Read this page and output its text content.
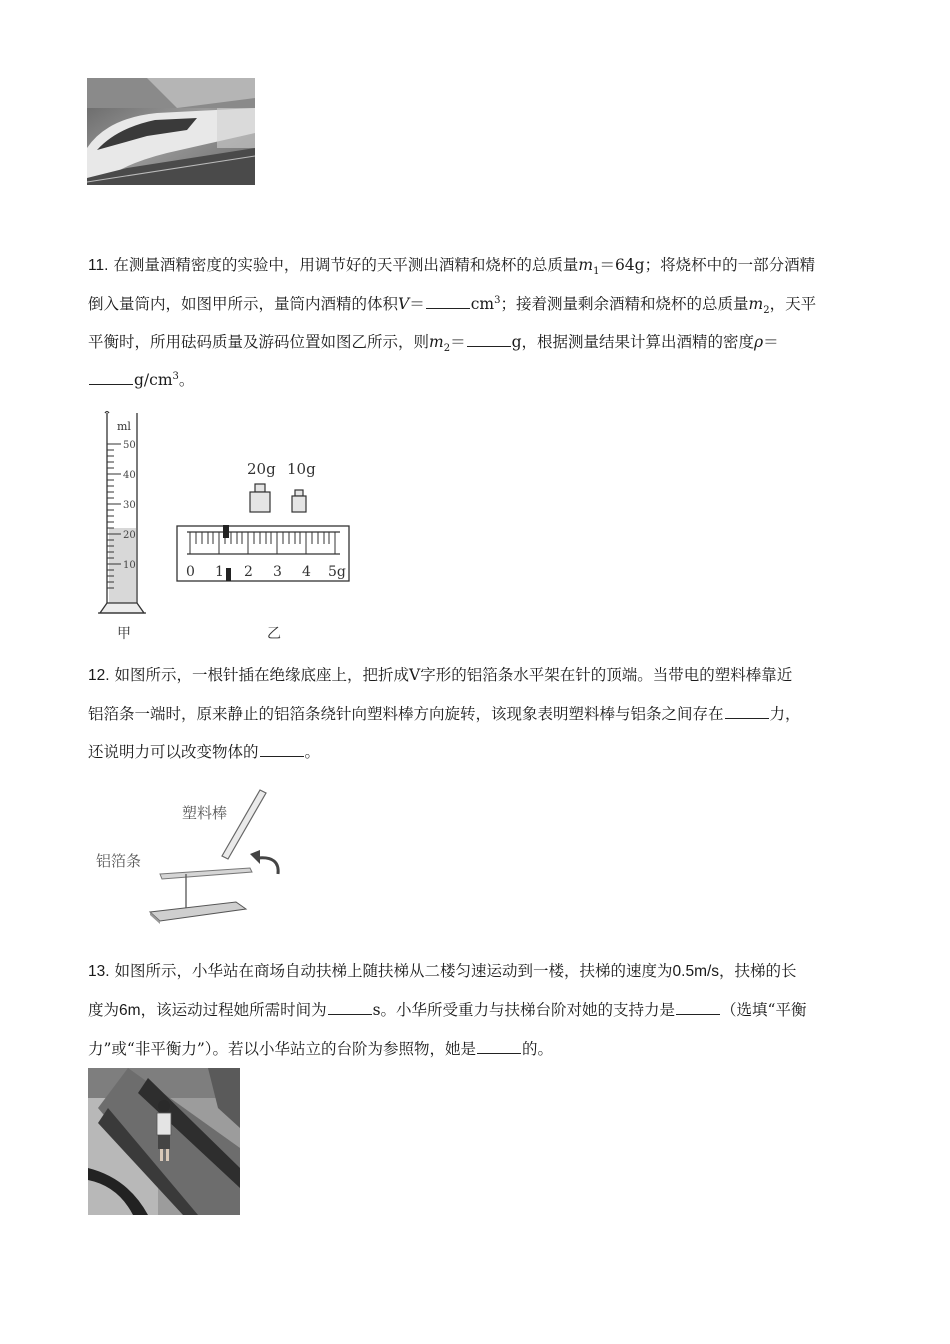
11. 在测量酒精密度的实验中，用调节好的天平测出酒精和烧杯的总质量$m_1=64g$；将烧杯中的一部分酒精
倒入量筒内，如图甲所示，量筒内酒精的体积V＝	$cm^3$；接着测量剩余酒精和烧杯的总质量$m_2$，天平
平衡时，所用砝码质量及游码位置如图乙所示，则$m_2=$	g，根据测量结果计算出酒精的密度ρ＝
$g/cm^3$。
ml
50
40
30
20
10
甲
20g 10g
0 1 2 3 4 5g
乙
12. 如图所示，一根针插在绝缘底座上，把折成V字形的铝箔条水平架在针的顶端。当带电的塑料棒靠近
铝箔条一端时，原来静止的铝箔条绕针向塑料棒方向旋转，该现象表明塑料棒与铝条之间存在	力，
还说明力可以改变物体的	。
塑料棒
铝箔条
13. 如图所示，小华站在商场自动扶梯上随扶梯从二楼匀速运动到一楼，扶梯的速度为0.5m/s，扶梯的长
度为6m，该运动过程她所需时间为	s。小华所受重力与扶梯台阶对她的支持力是	（选填“平衡
力”或“非平衡力”）。若以小华站立的台阶为参照物，她是	的。
